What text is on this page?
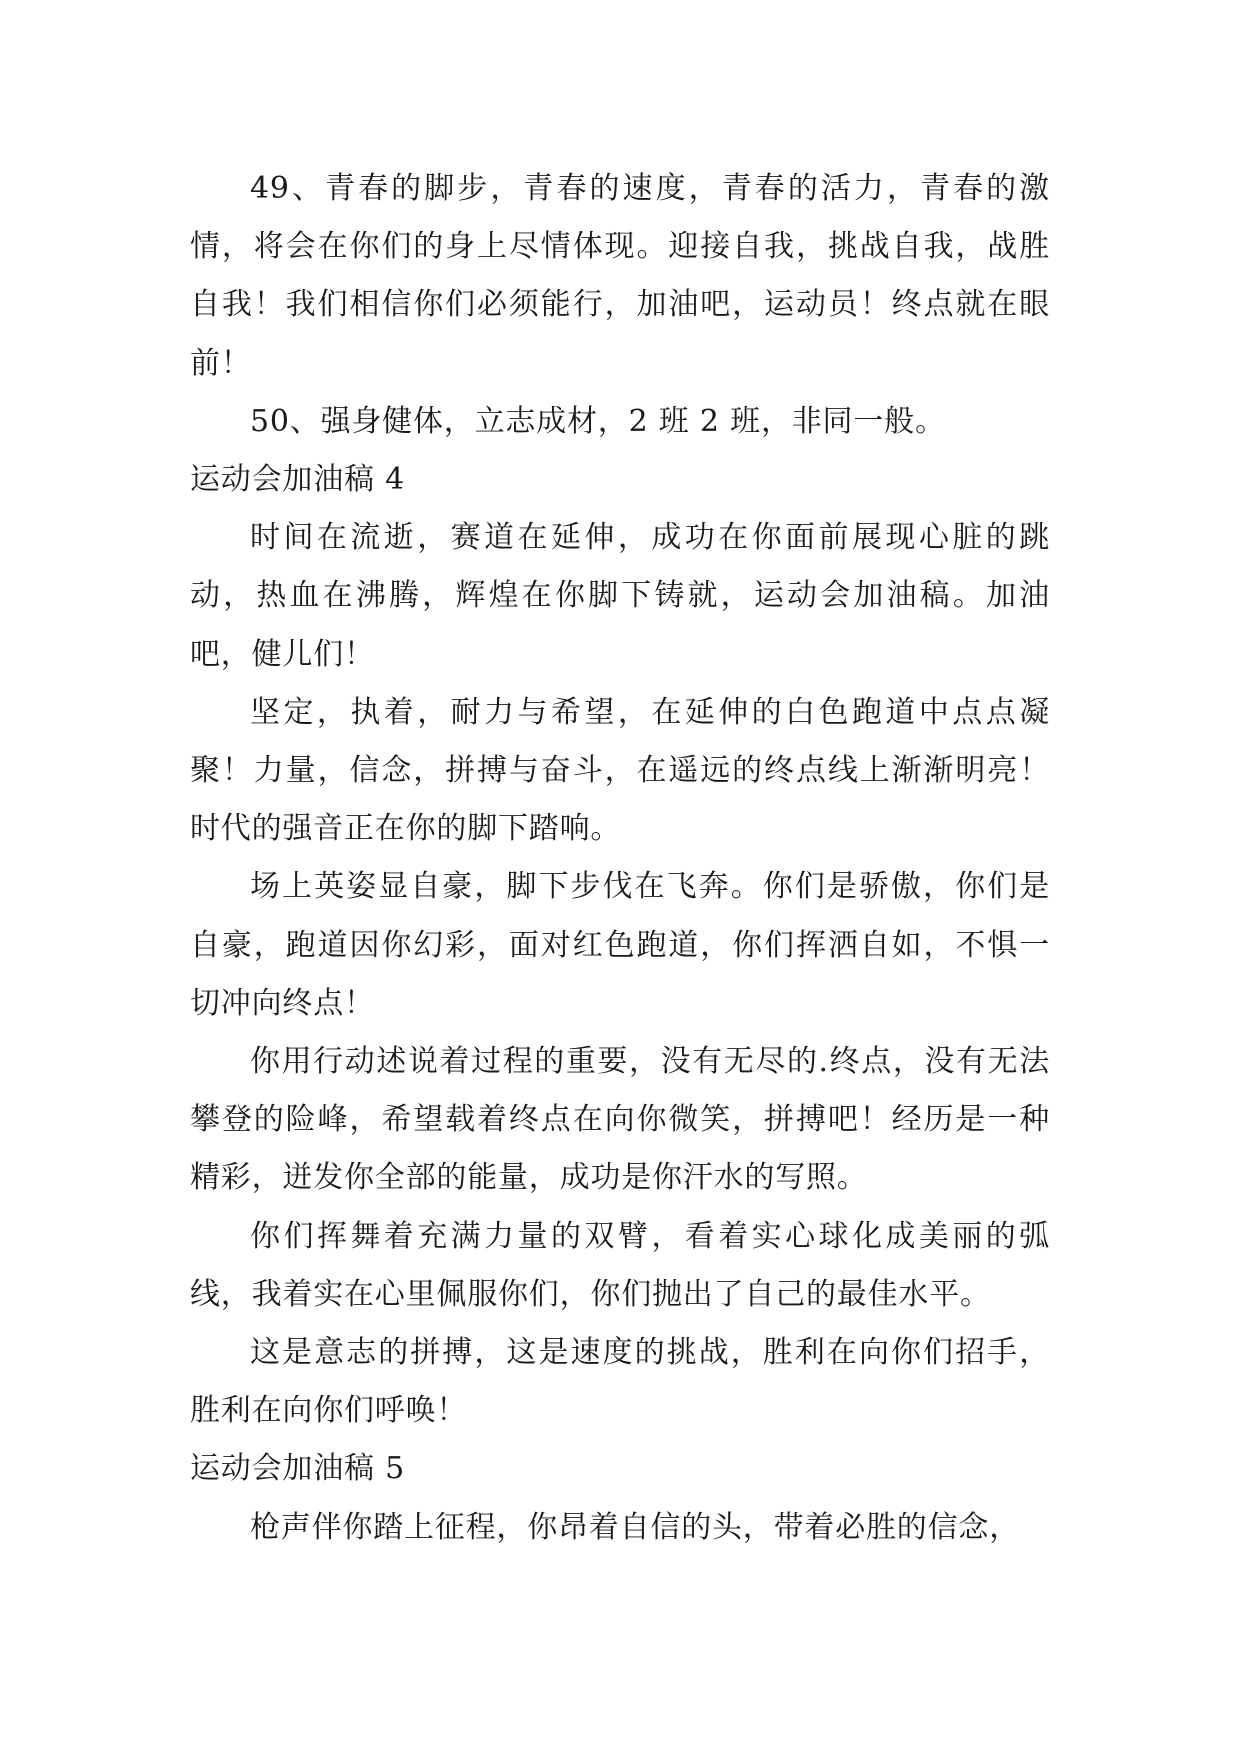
49、青春的脚步，青春的速度，青春的活力，青春的激情，将会在你们的身上尽情体现。迎接自我，挑战自我，战胜自我！我们相信你们必须能行，加油吧，运动员！终点就在眼前！

50、强身健体，立志成材，2 班 2 班，非同一般。

运动会加油稿 4

时间在流逝，赛道在延伸，成功在你面前展现心脏的跳动，热血在沸腾，辉煌在你脚下铸就，运动会加油稿。加油吧，健儿们！

坚定，执着，耐力与希望，在延伸的白色跑道中点点凝聚！力量，信念，拼搏与奋斗，在遥远的终点线上渐渐明亮！时代的强音正在你的脚下踏响。

场上英姿显自豪，脚下步伐在飞奔。你们是骄傲，你们是自豪，跑道因你幻彩，面对红色跑道，你们挥洒自如，不惧一切冲向终点！

你用行动述说着过程的重要，没有无尽的.终点，没有无法攀登的险峰，希望载着终点在向你微笑，拼搏吧！经历是一种精彩，迸发你全部的能量，成功是你汗水的写照。

你们挥舞着充满力量的双臂，看着实心球化成美丽的弧线，我着实在心里佩服你们，你们抛出了自己的最佳水平。

这是意志的拼搏，这是速度的挑战，胜利在向你们招手，胜利在向你们呼唤！

运动会加油稿 5

枪声伴你踏上征程，你昂着自信的头，带着必胜的信念，
